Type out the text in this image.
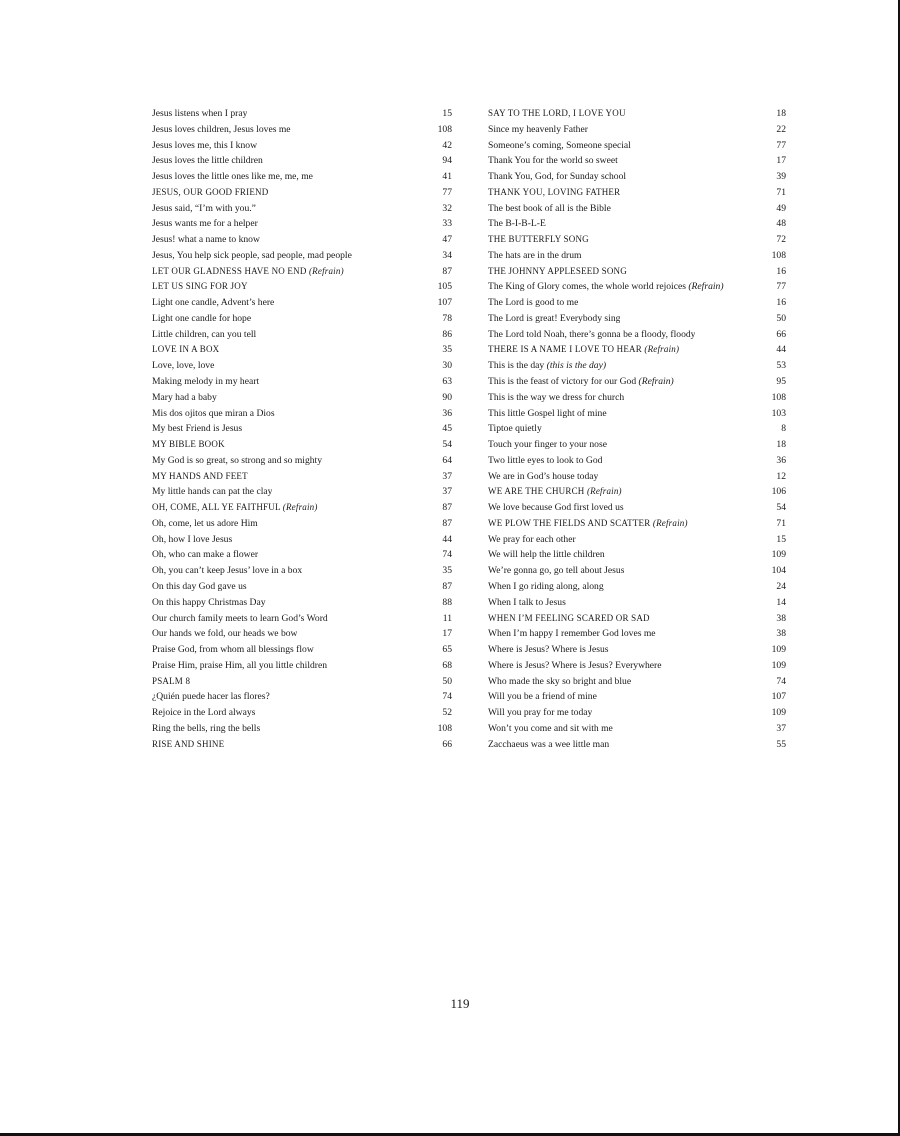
Jesus listens when I pray	15
Jesus loves children, Jesus loves me	108
Jesus loves me, this I know	42
Jesus loves the little children	94
Jesus loves the little ones like me, me, me	41
JESUS, OUR GOOD FRIEND	77
Jesus said, “I’m with you.”	32
Jesus wants me for a helper	33
Jesus! what a name to know	47
Jesus, You help sick people, sad people, mad people	34
LET OUR GLADNESS HAVE NO END (Refrain)	87
LET US SING FOR JOY	105
Light one candle, Advent’s here	107
Light one candle for hope	78
Little children, can you tell	86
LOVE IN A BOX	35
Love, love, love	30
Making melody in my heart	63
Mary had a baby	90
Mis dos ojitos que miran a Dios	36
My best Friend is Jesus	45
MY BIBLE BOOK	54
My God is so great, so strong and so mighty	64
MY HANDS AND FEET	37
My little hands can pat the clay	37
OH, COME, ALL YE FAITHFUL (Refrain)	87
Oh, come, let us adore Him	87
Oh, how I love Jesus	44
Oh, who can make a flower	74
Oh, you can’t keep Jesus’ love in a box	35
On this day God gave us	87
On this happy Christmas Day	88
Our church family meets to learn God’s Word	11
Our hands we fold, our heads we bow	17
Praise God, from whom all blessings flow	65
Praise Him, praise Him, all you little children	68
PSALM 8	50
¿Quién puede hacer las flores?	74
Rejoice in the Lord always	52
Ring the bells, ring the bells	108
RISE AND SHINE	66
SAY TO THE LORD, I LOVE YOU	18
Since my heavenly Father	22
Someone’s coming, Someone special	77
Thank You for the world so sweet	17
Thank You, God, for Sunday school	39
THANK YOU, LOVING FATHER	71
The best book of all is the Bible	49
The B-I-B-L-E	48
THE BUTTERFLY SONG	72
The hats are in the drum	108
THE JOHNNY APPLESEED SONG	16
The King of Glory comes, the whole world rejoices (Refrain)	77
The Lord is good to me	16
The Lord is great! Everybody sing	50
The Lord told Noah, there’s gonna be a floody, floody	66
THERE IS A NAME I LOVE TO HEAR (Refrain)	44
This is the day (this is the day)	53
This is the feast of victory for our God (Refrain)	95
This is the way we dress for church	108
This little Gospel light of mine	103
Tiptoe quietly	8
Touch your finger to your nose	18
Two little eyes to look to God	36
We are in God’s house today	12
WE ARE THE CHURCH (Refrain)	106
We love because God first loved us	54
WE PLOW THE FIELDS AND SCATTER (Refrain)	71
We pray for each other	15
We will help the little children	109
We’re gonna go, go tell about Jesus	104
When I go riding along, along	24
When I talk to Jesus	14
WHEN I’M FEELING SCARED OR SAD	38
When I’m happy I remember God loves me	38
Where is Jesus? Where is Jesus	109
Where is Jesus? Where is Jesus? Everywhere	109
Who made the sky so bright and blue	74
Will you be a friend of mine	107
Will you pray for me today	109
Won’t you come and sit with me	37
Zacchaeus was a wee little man	55
119
